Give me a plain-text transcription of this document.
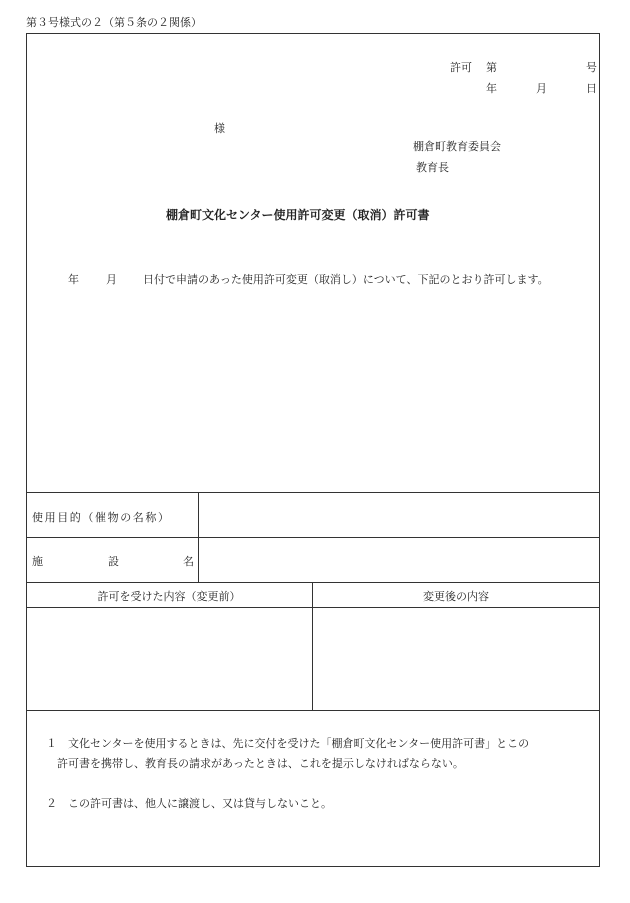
第３号様式の２（第５条の２関係）
許可 第	号
年	月	日
様
棚倉町教育委員会
教育長
棚倉町文化センター使用許可変更（取消）許可書
年 月 日付で申請のあった使用許可変更（取消し）について、下記のとおり許可します。
使用目的（催物の名称）
施	設	名
許可を受けた内容（変更前）	変更後の内容
１ 文化センターを使用するときは、先に交付を受けた「棚倉町文化センター使用許可書」とこの
許可書を携帯し、教育長の請求があったときは、これを提示しなければならない。
２ この許可書は、他人に譲渡し、又は貸与しないこと。
